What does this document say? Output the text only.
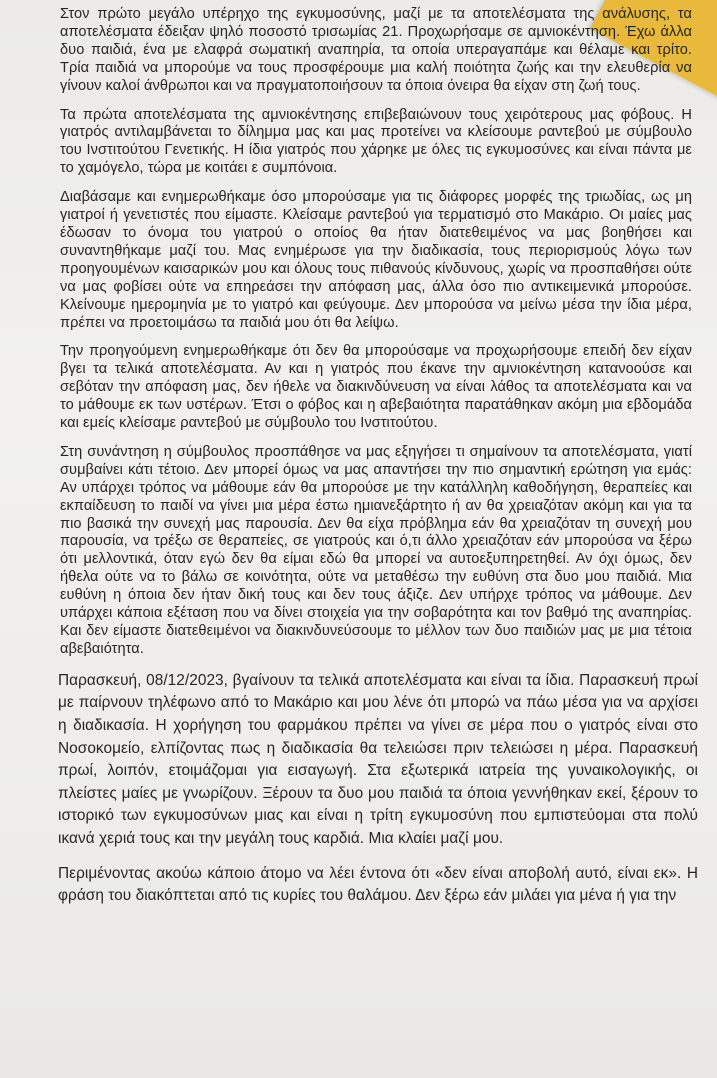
Στον πρώτο μεγάλο υπέρηχο της εγκυμοσύνης, μαζί με τα αποτελέσματα της ανάλυσης, τα αποτελέσματα έδειξαν ψηλό ποσοστό τρισωμίας 21. Προχωρήσαμε σε αμνιοκέντηση. Έχω άλλα δυο παιδιά, ένα με ελαφρά σωματική αναπηρία, τα οποία υπεραγαπάμε και θέλαμε και τρίτο. Τρία παιδιά να μπορούμε να τους προσφέρουμε μια καλή ποιότητα ζωής και την ελευθερία να γίνουν καλοί άνθρωποι και να πραγματοποιήσουν τα όποια όνειρα θα είχαν στη ζωή τους.

Τα πρώτα αποτελέσματα της αμνιοκέντησης επιβεβαιώνουν τους χειρότερους μας φόβους. Η γιατρός αντιλαμβάνεται το δίλημμα μας και μας προτείνει να κλείσουμε ραντεβού με σύμβουλο του Ινστιτούτου Γενετικής. Η ίδια γιατρός που χάρηκε με όλες τις εγκυμοσύνες και είναι πάντα με το χαμόγελο, τώρα με κοιτάει ε συμπόνοια.

Διαβάσαμε και ενημερωθήκαμε όσο μπορούσαμε για τις διάφορες μορφές της τριωδίας, ως μη γιατροί ή γενετιστές που είμαστε. Κλείσαμε ραντεβού για τερματισμό στο Μακάριο. Οι μαίες μας έδωσαν το όνομα του γιατρού ο οποίος θα ήταν διατεθειμένος να μας βοηθήσει και συναντηθήκαμε μαζί του. Μας ενημέρωσε για την διαδικασία, τους περιορισμούς λόγω των προηγουμένων καισαρικών μου και όλους τους πιθανούς κίνδυνους, χωρίς να προσπαθήσει ούτε να μας φοβίσει ούτε να επηρεάσει την απόφαση μας, άλλα όσο πιο αντικειμενικά μπορούσε. Κλείνουμε ημερομηνία με το γιατρό και φεύγουμε. Δεν μπορούσα να μείνω μέσα την ίδια μέρα, πρέπει να προετοιμάσω τα παιδιά μου ότι θα λείψω.

Την προηγούμενη ενημερωθήκαμε ότι δεν θα μπορούσαμε να προχωρήσουμε επειδή δεν είχαν βγει τα τελικά αποτελέσματα. Αν και η γιατρός που έκανε την αμνιοκέντηση κατανοούσε και σεβόταν την απόφαση μας, δεν ήθελε να διακινδύνευση να είναι λάθος τα αποτελέσματα και να το μάθουμε εκ των υστέρων. Έτσι ο φόβος και η αβεβαιότητα παρατάθηκαν ακόμη μια εβδομάδα και εμείς κλείσαμε ραντεβού με σύμβουλο του Ινστιτούτου.

Στη συνάντηση η σύμβουλος προσπάθησε να μας εξηγήσει τι σημαίνουν τα αποτελέσματα, γιατί συμβαίνει κάτι τέτοιο. Δεν μπορεί όμως να μας απαντήσει την πιο σημαντική ερώτηση για εμάς: Αν υπάρχει τρόπος να μάθουμε εάν θα μπορούσε με την κατάλληλη καθοδήγηση, θεραπείες και εκπαίδευση το παιδί να γίνει μια μέρα έστω ημιανεξάρτητο ή αν θα χρειαζόταν ακόμη και για τα πιο βασικά την συνεχή μας παρουσία. Δεν θα είχα πρόβλημα εάν θα χρειαζόταν τη συνεχή μου παρουσία, να τρέξω σε θεραπείες, σε γιατρούς και ό,τι άλλο χρειαζόταν εάν μπορούσα να ξέρω ότι μελλοντικά, όταν εγώ δεν θα είμαι εδώ θα μπορεί να αυτοεξυπηρετηθεί. Αν όχι όμως, δεν ήθελα ούτε να το βάλω σε κοινότητα, ούτε να μεταθέσω την ευθύνη στα δυο μου παιδιά. Μια ευθύνη η όποια δεν ήταν δική τους και δεν τους άξιζε. Δεν υπήρχε τρόπος να μάθουμε. Δεν υπάρχει κάποια εξέταση που να δίνει στοιχεία για την σοβαρότητα και τον βαθμό της αναπηρίας. Και δεν είμαστε διατεθειμένοι να διακινδυνεύσουμε το μέλλον των δυο παιδιών μας με μια τέτοια αβεβαιότητα.

Παρασκευή, 08/12/2023, βγαίνουν τα τελικά αποτελέσματα και είναι τα ίδια. Παρασκευή πρωί με παίρνουν τηλέφωνο από το Μακάριο και μου λένε ότι μπορώ να πάω μέσα για να αρχίσει η διαδικασία. Η χορήγηση του φαρμάκου πρέπει να γίνει σε μέρα που ο γιατρός είναι στο Νοσοκομείο, ελπίζοντας πως η διαδικασία θα τελειώσει πριν τελειώσει η μέρα. Παρασκευή πρωί, λοιπόν, ετοιμάζομαι για εισαγωγή. Στα εξωτερικά ιατρεία της γυναικολογικής, οι πλείστες μαίες με γνωρίζουν. Ξέρουν τα δυο μου παιδιά τα όποια γεννήθηκαν εκεί, ξέρουν το ιστορικό των εγκυμοσύνων μιας και είναι η τρίτη εγκυμοσύνη που εμπιστεύομαι στα πολύ ικανά χεριά τους και την μεγάλη τους καρδιά. Μια κλαίει μαζί μου.

Περιμένοντας ακούω κάποιο άτομο να λέει έντονα ότι «δεν είναι αποβολή αυτό, είναι εκ». Η φράση του διακόπτεται από τις κυρίες του θαλάμου. Δεν ξέρω εάν μιλάει για μένα ή για την
